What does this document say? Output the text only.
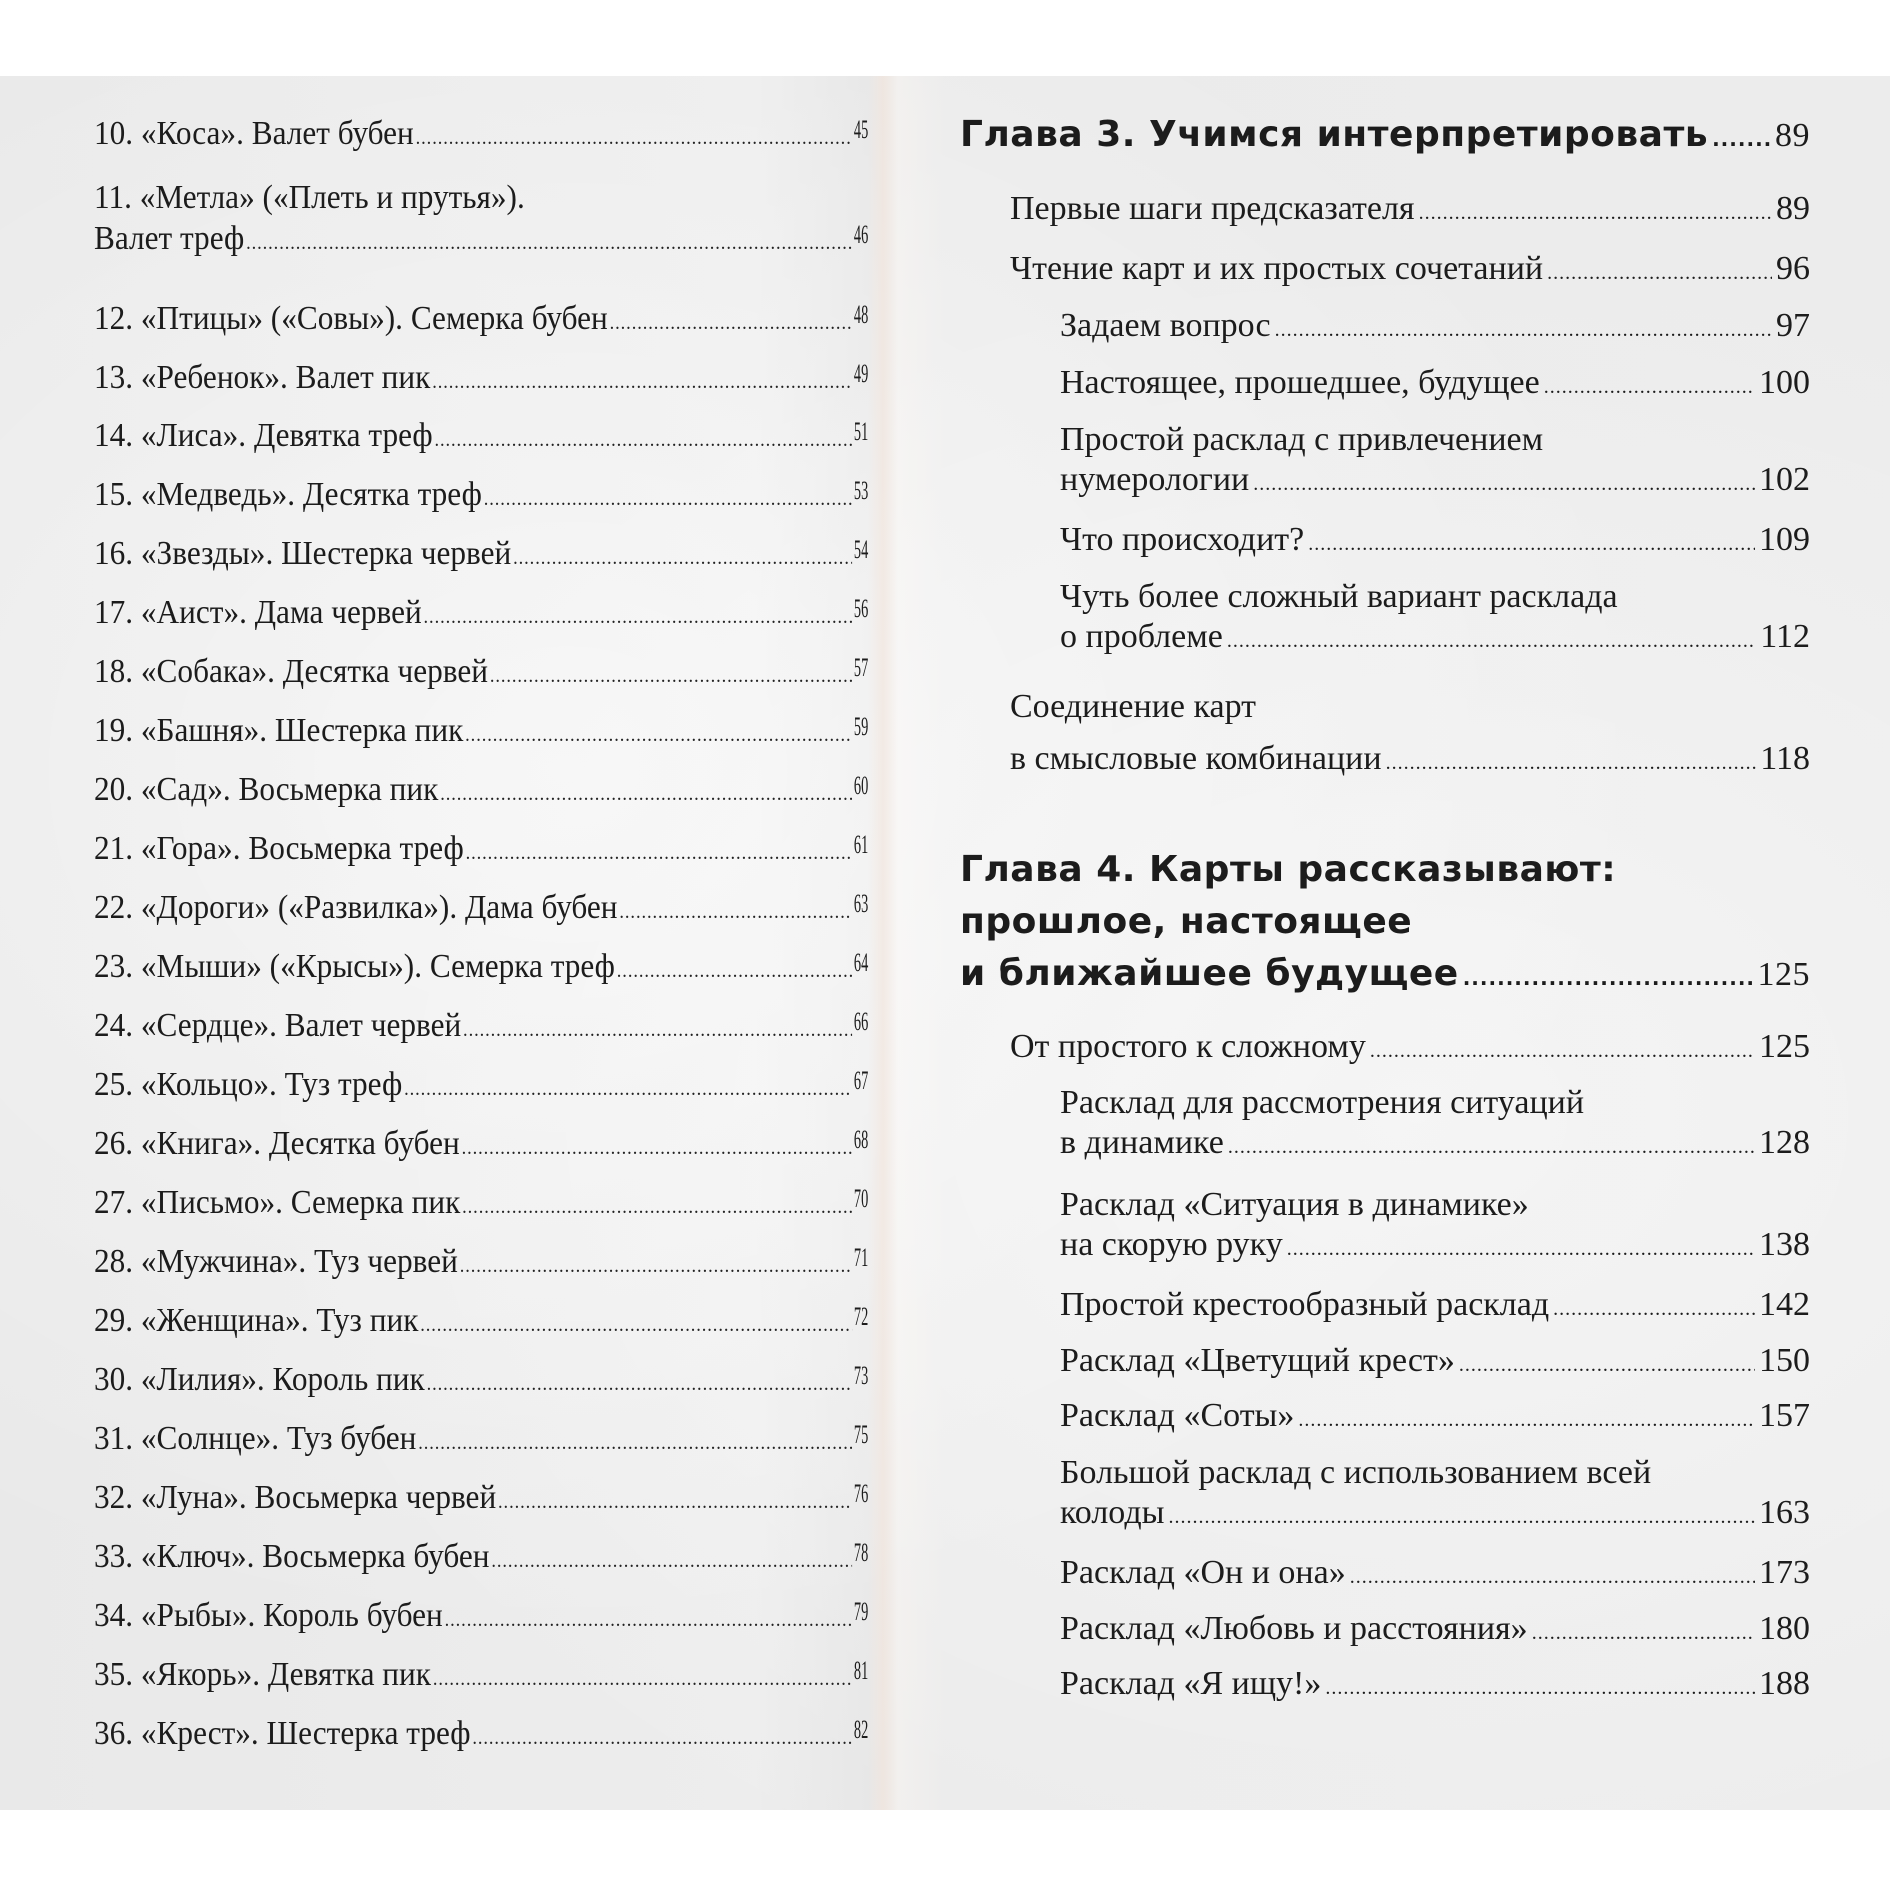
10. «Коса». Валет бубен .....	45
11. «Метла» («Плеть и прутья»).
Валет треф .....	46
12. «Птицы» («Совы»). Семерка бубен .....	48
13. «Ребенок». Валет пик .....	49
14. «Лиса». Девятка треф .....	51
15. «Медведь». Десятка треф .....	53
16. «Звезды». Шестерка червей .....	54
17. «Аист». Дама червей .....	56
18. «Собака». Десятка червей .....	57
19. «Башня». Шестерка пик .....	59
20. «Сад». Восьмерка пик .....	60
21. «Гора». Восьмерка треф .....	61
22. «Дороги» («Развилка»). Дама бубен .....	63
23. «Мыши» («Крысы»). Семерка треф .....	64
24. «Сердце». Валет червей .....	66
25. «Кольцо». Туз треф .....	67
26. «Книга». Десятка бубен .....	68
27. «Письмо». Семерка пик .....	70
28. «Мужчина». Туз червей .....	71
29. «Женщина». Туз пик .....	72
30. «Лилия». Король пик .....	73
31. «Солнце». Туз бубен .....	75
32. «Луна». Восьмерка червей .....	76
33. «Ключ». Восьмерка бубен .....	78
34. «Рыбы». Король бубен .....	79
35. «Якорь». Девятка пик .....	81
36. «Крест». Шестерка треф .....	82
Глава 3. Учимся интерпретировать ..... 89
Первые шаги предсказателя .....	89
Чтение карт и их простых сочетаний .....	96
Задаем вопрос .....	97
Настоящее, прошедшее, будущее .....	100
Простой расклад с привлечением
нумерологии .....	102
Что происходит? .....	109
Чуть более сложный вариант расклада
о проблеме .....	112
Соединение карт
в смысловые комбинации .....	118
Глава 4. Карты рассказывают:
прошлое, настоящее
и ближайшее будущее .....	125
От простого к сложному .....	125
Расклад для рассмотрения ситуаций
в динамике .....	128
Расклад «Ситуация в динамике»
на скорую руку .....	138
Простой крестообразный расклад .....	142
Расклад «Цветущий крест» .....	150
Расклад «Соты» .....	157
Большой расклад с использованием всей
колоды .....	163
Расклад «Он и она» .....	173
Расклад «Любовь и расстояния» .....	180
Расклад «Я ищу!» .....	188
